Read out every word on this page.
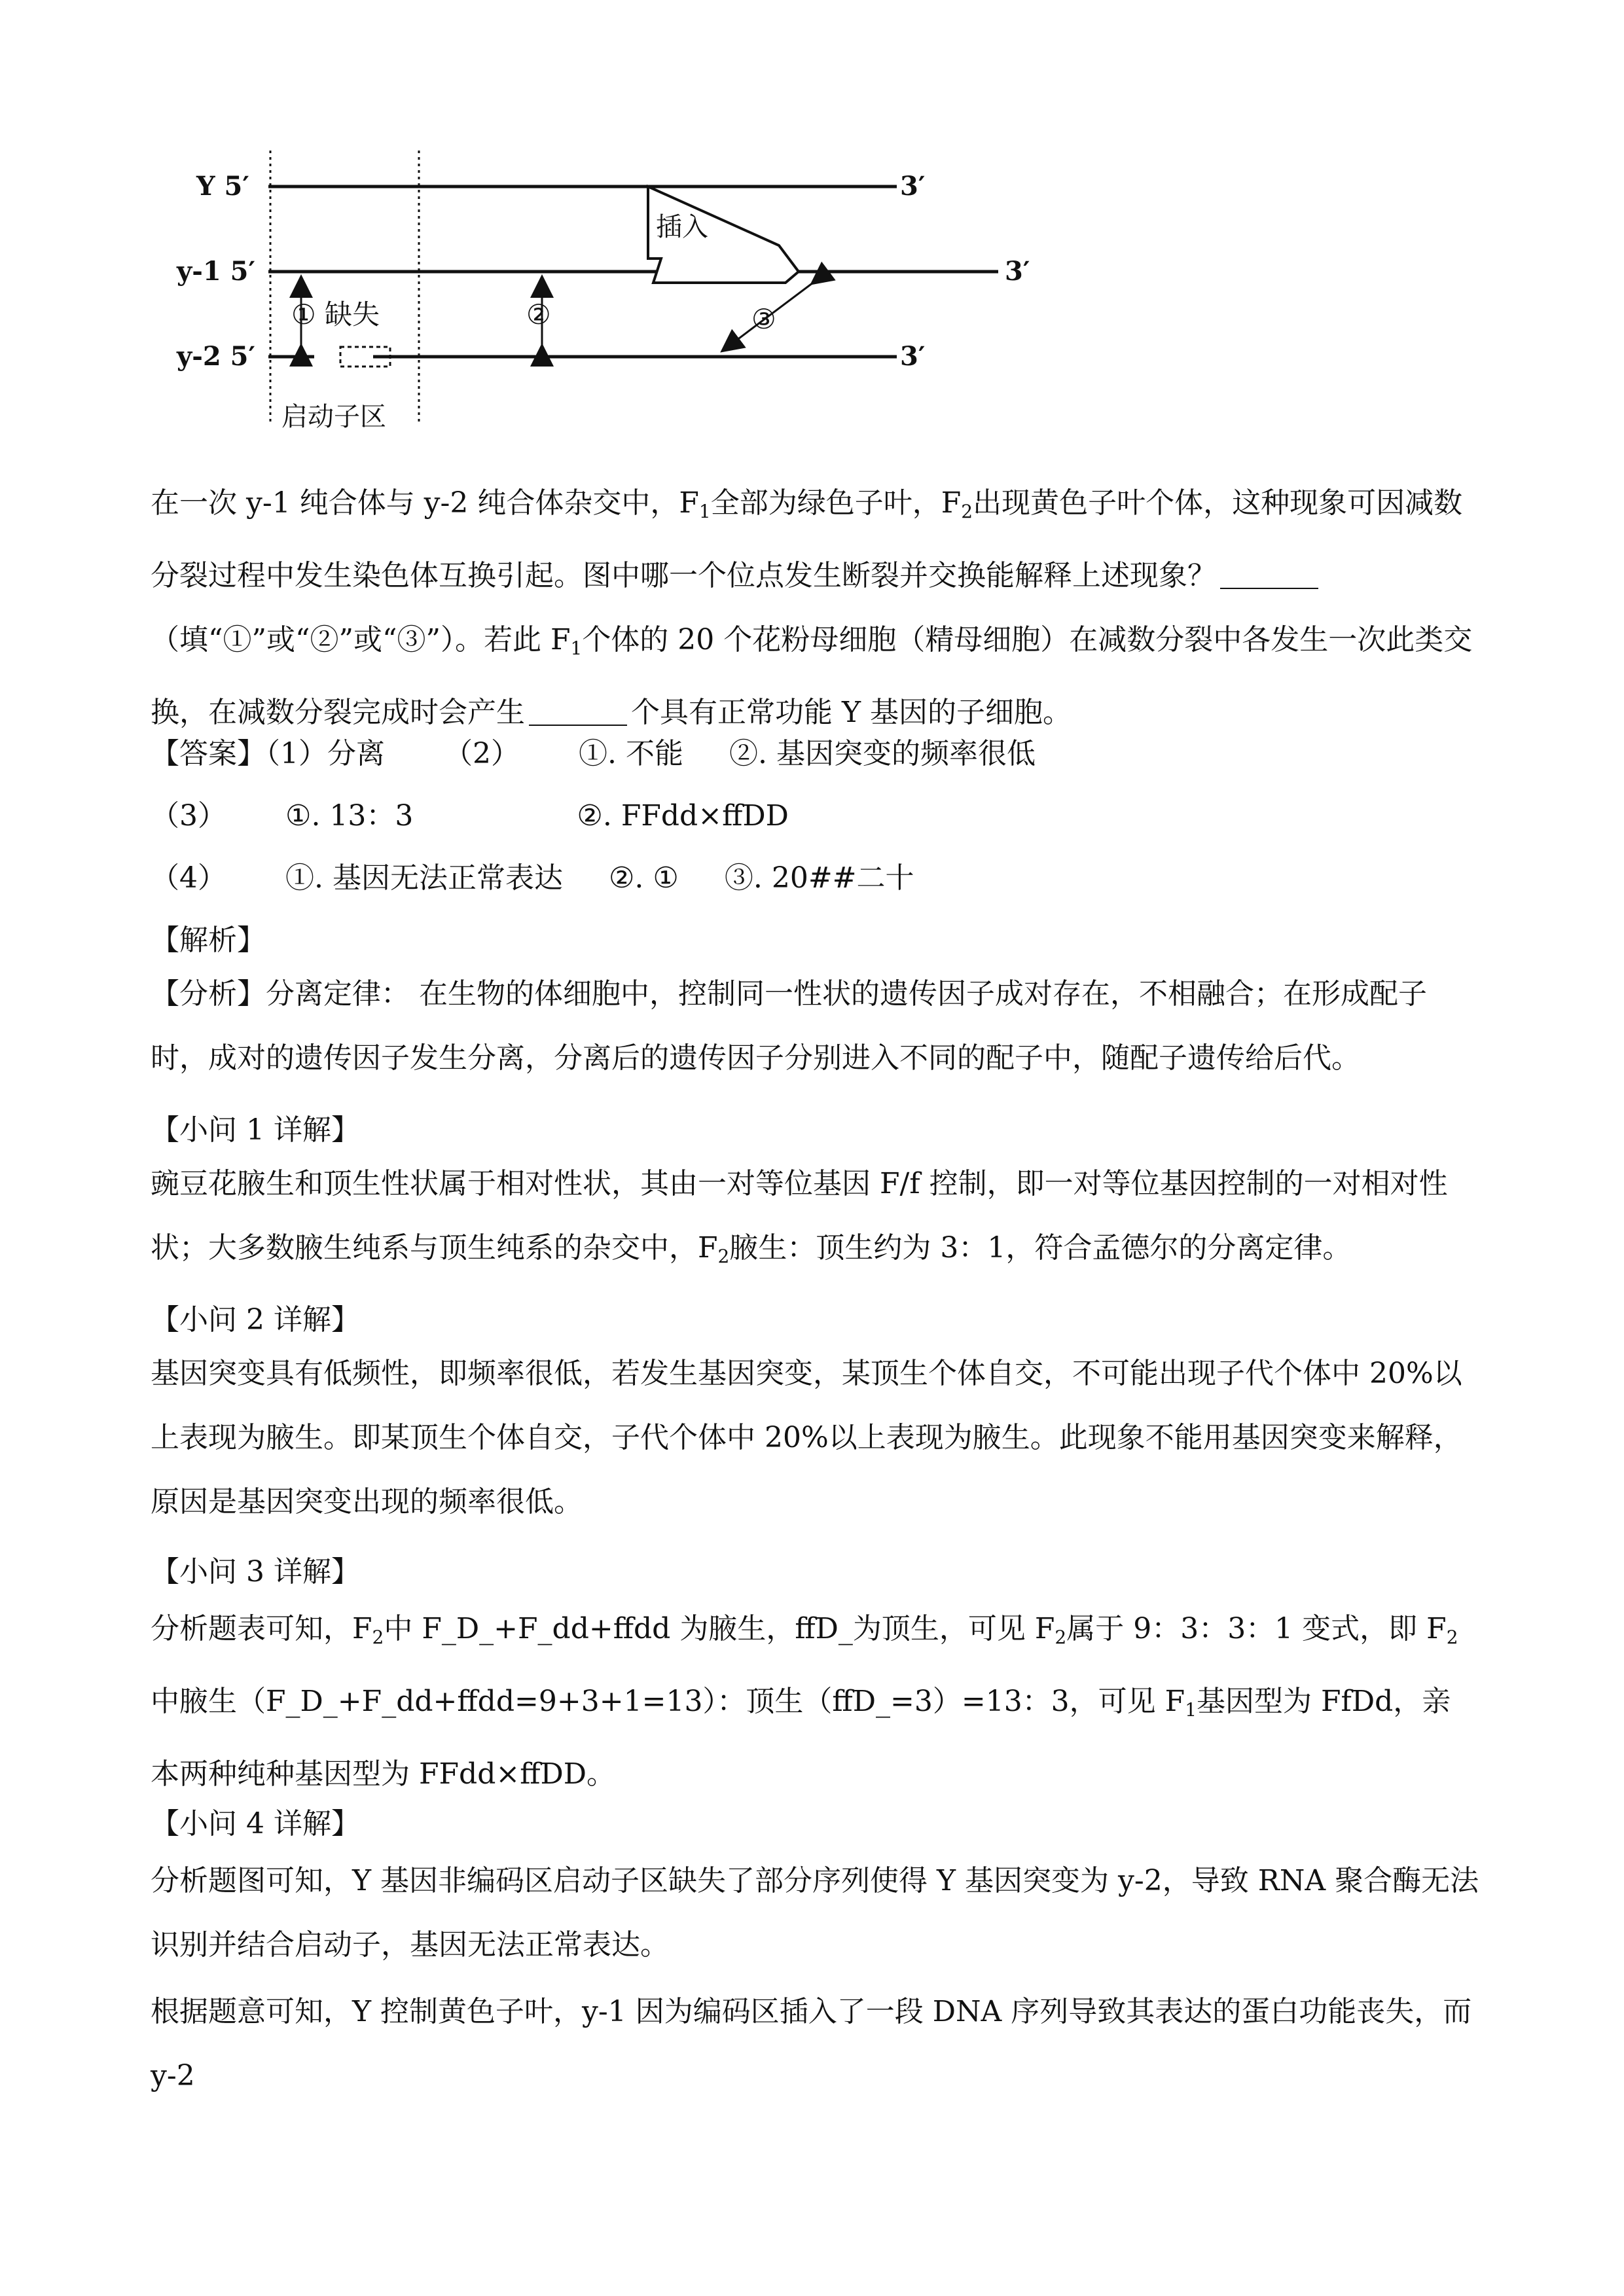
Y 5′
y-1 5′
y-2 5′
3′
3′
3′
插入
① 缺失	②	③
启动子区

在一次 y-1 纯合体与 y-2 纯合体杂交中，$F_1$全部为绿色子叶，$F_2$出现黄色子叶个体，这种现象可因减数分裂过程中发生染色体互换引起。图中哪一个位点发生断裂并交换能解释上述现象？（填“①”或“②”或“③”）。若此 $F_1$个体的 20 个花粉母细胞（精母细胞）在减数分裂中各发生一次此类交换，在减数分裂完成时会产生	个具有正常功能 Y 基因的子细胞。

【答案】（1）分离 （2） ①. 不能 ②. 基因突变的频率很低

（3） ①. 13：3	②. FFdd×ffDD

（4） ①. 基因无法正常表达 ②. ① ③. 20##二十

【解析】

【分析】分离定律： 在生物的体细胞中，控制同一性状的遗传因子成对存在，不相融合；在形成配子时，成对的遗传因子发生分离，分离后的遗传因子分别进入不同的配子中，随配子遗传给后代。

【小问 1 详解】

豌豆花腋生和顶生性状属于相对性状，其由一对等位基因 F/f 控制，即一对等位基因控制的一对相对性状；大多数腋生纯系与顶生纯系的杂交中，$F_2$腋生：顶生约为 3：1，符合孟德尔的分离定律。

【小问 2 详解】

基因突变具有低频性，即频率很低，若发生基因突变，某顶生个体自交，不可能出现子代个体中 20%以上表现为腋生。即某顶生个体自交，子代个体中 20%以上表现为腋生。此现象不能用基因突变来解释，原因是基因突变出现的频率很低。

【小问 3 详解】

分析题表可知，$F_2$中 F_D_+F_dd+ffdd 为腋生，ffD_为顶生，可见 $F_2$属于 9：3：3：1 变式，即 $F_2$中腋生（F_D_+F_dd+ffdd=9+3+1=13）：顶生（ffD_=3）=13：3，可见 $F_1$基因型为 FfDd，亲本两种纯种基因型为 FFdd×ffDD。

【小问 4 详解】

分析题图可知，Y 基因非编码区启动子区缺失了部分序列使得 Y 基因突变为 y-2，导致 RNA 聚合酶无法识别并结合启动子，基因无法正常表达。

根据题意可知，Y 控制黄色子叶，y-1 因为编码区插入了一段 DNA 序列导致其表达的蛋白功能丧失，而 y-2
